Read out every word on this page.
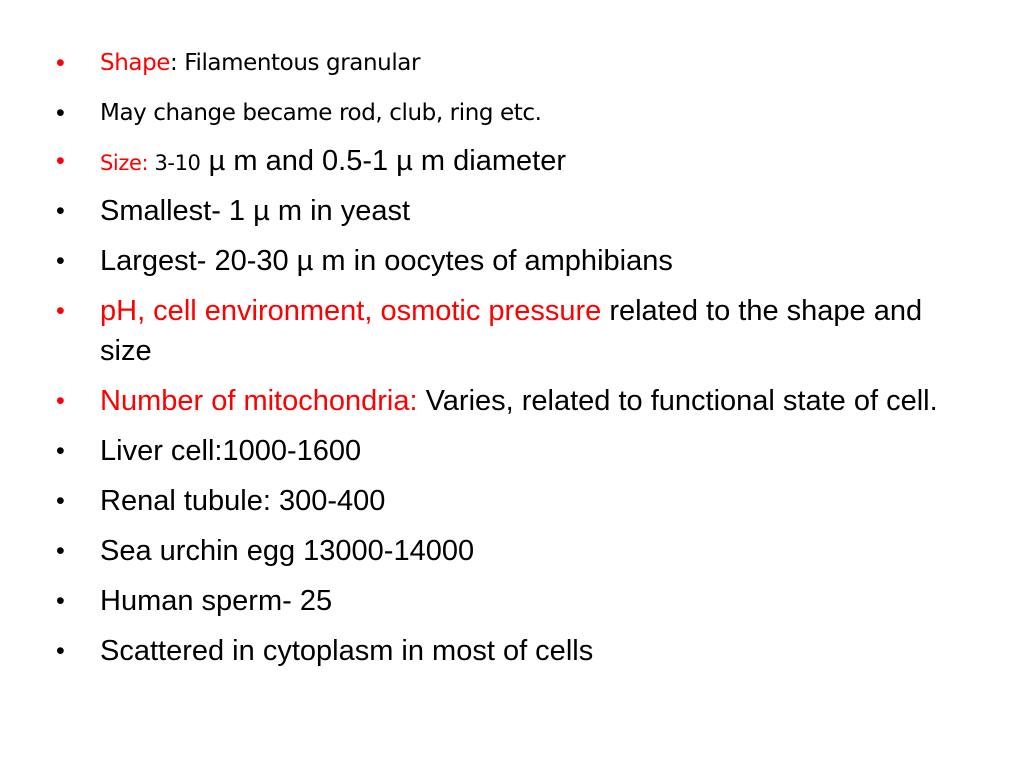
• Shape: Filamentous granular
• May change became rod, club, ring etc.
• Size: 3-10 µ m and 0.5-1 µ m diameter
• Smallest- 1 µ m in yeast
• Largest- 20-30 µ m in oocytes of amphibians
• pH, cell environment, osmotic pressure related to the shape and size
• Number of mitochondria: Varies, related to functional state of cell.
• Liver cell:1000-1600
• Renal tubule: 300-400
• Sea urchin egg 13000-14000
• Human sperm- 25
• Scattered in cytoplasm in most of cells
